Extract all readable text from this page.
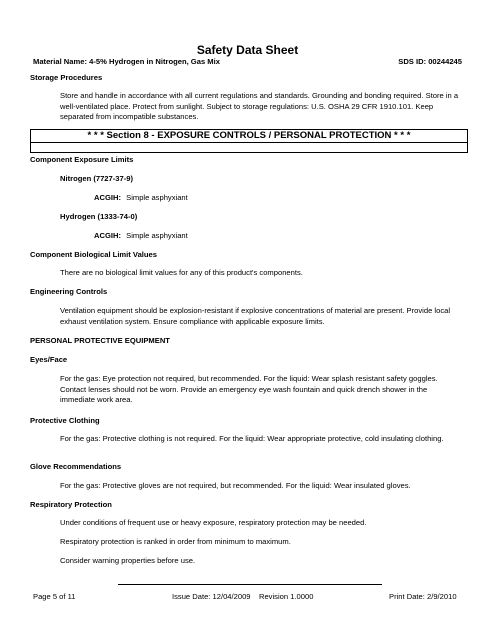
Safety Data Sheet
Material Name: 4-5% Hydrogen in Nitrogen, Gas Mix	SDS ID: 00244245
Storage Procedures
Store and handle in accordance with all current regulations and standards. Grounding and bonding required. Store in a well-ventilated place. Protect from sunlight. Subject to storage regulations: U.S. OSHA 29 CFR 1910.101. Keep separated from incompatible substances.
* * * Section 8 - EXPOSURE CONTROLS / PERSONAL PROTECTION * * *
Component Exposure Limits
Nitrogen (7727-37-9)
ACGIH: Simple asphyxiant
Hydrogen (1333-74-0)
ACGIH: Simple asphyxiant
Component Biological Limit Values
There are no biological limit values for any of this product's components.
Engineering Controls
Ventilation equipment should be explosion-resistant if explosive concentrations of material are present. Provide local exhaust ventilation system. Ensure compliance with applicable exposure limits.
PERSONAL PROTECTIVE EQUIPMENT
Eyes/Face
For the gas: Eye protection not required, but recommended. For the liquid: Wear splash resistant safety goggles. Contact lenses should not be worn. Provide an emergency eye wash fountain and quick drench shower in the immediate work area.
Protective Clothing
For the gas: Protective clothing is not required. For the liquid: Wear appropriate protective, cold insulating clothing.
Glove Recommendations
For the gas: Protective gloves are not required, but recommended. For the liquid: Wear insulated gloves.
Respiratory Protection
Under conditions of frequent use or heavy exposure, respiratory protection may be needed.
Respiratory protection is ranked in order from minimum to maximum.
Consider warning properties before use.
Page 5 of 11	Issue Date: 12/04/2009    Revision 1.0000	Print Date: 2/9/2010
